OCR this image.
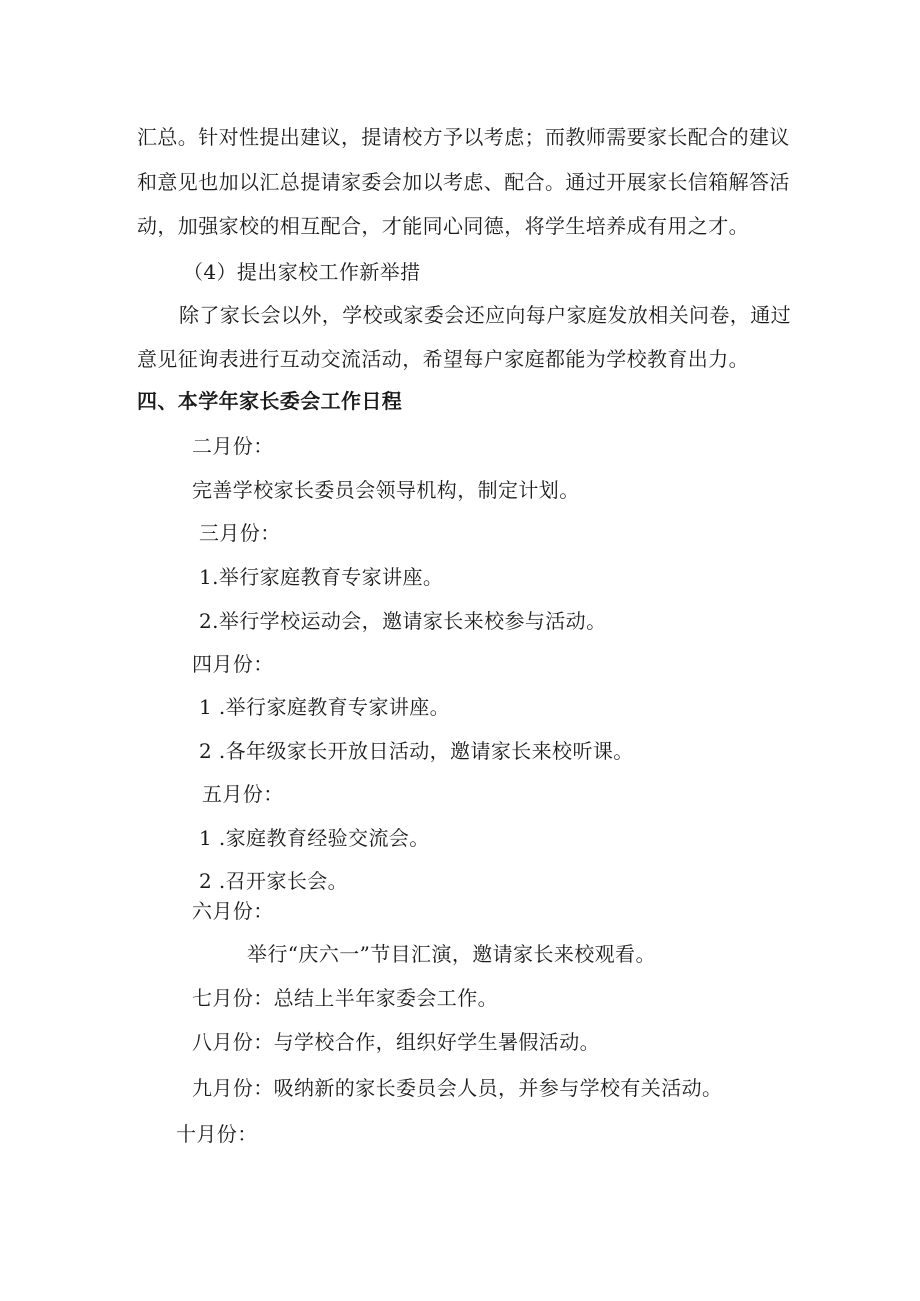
汇总。针对性提出建议，提请校方予以考虑；而教师需要家长配合的建议
和意见也加以汇总提请家委会加以考虑、配合。通过开展家长信箱解答活
动，加强家校的相互配合，才能同心同德，将学生培养成有用之才。
（4）提出家校工作新举措
除了家长会以外，学校或家委会还应向每户家庭发放相关问卷，通过
意见征询表进行互动交流活动，希望每户家庭都能为学校教育出力。
四、本学年家长委会工作日程
二月份：
完善学校家长委员会领导机构，制定计划。
三月份：
1.举行家庭教育专家讲座。
2.举行学校运动会，邀请家长来校参与活动。
四月份：
1 .举行家庭教育专家讲座。
2 .各年级家长开放日活动，邀请家长来校听课。
五月份：
1 .家庭教育经验交流会。
2 .召开家长会。
六月份：
举行“庆六一”节目汇演，邀请家长来校观看。
七月份：总结上半年家委会工作。
八月份：与学校合作，组织好学生暑假活动。
九月份：吸纳新的家长委员会人员，并参与学校有关活动。
十月份：
